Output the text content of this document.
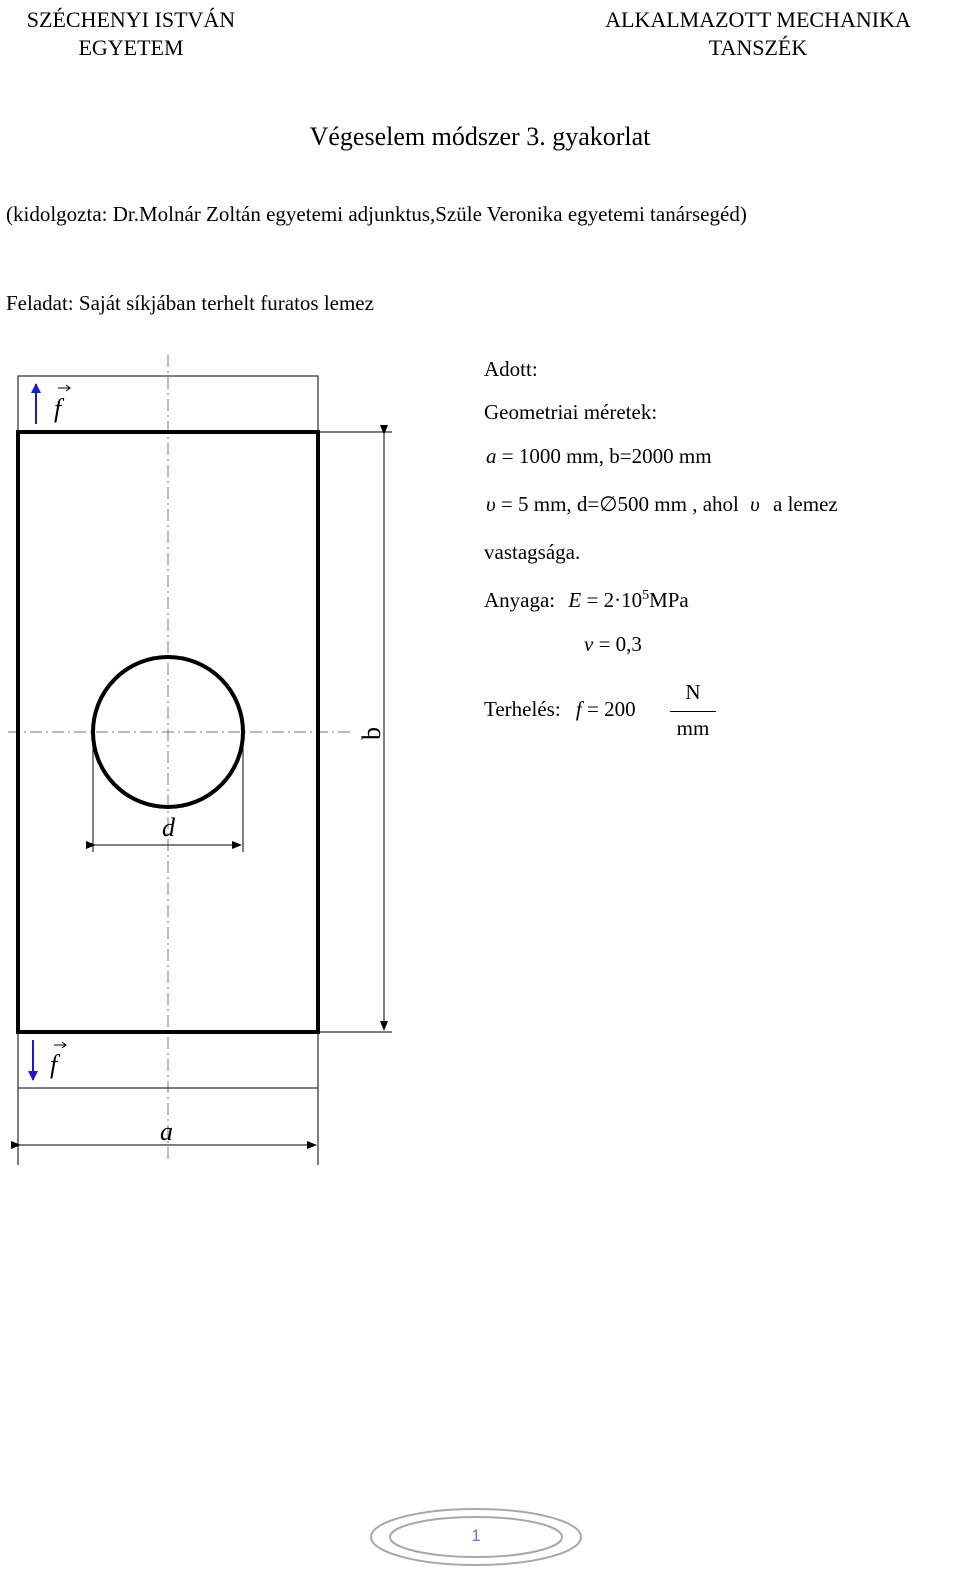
SZÉCHENYI ISTVÁN
EGYETEM
ALKALMAZOTT MECHANIKA
TANSZÉK
Végeselem módszer 3. gyakorlat
(kidolgozta: Dr.Molnár Zoltán egyetemi adjunktus,Szüle Veronika egyetemi tanársegéd)
Feladat: Saját síkjában terhelt furatos lemez
d
b
a
f
f
Adott:
Geometriai méretek:
a = 1000 mm, b=2000 mm
υ = 5 mm, d=∅500 mm , ahol υ a lemez
vastagsága.
Anyaga: $E = 2\cdot 10^5MPa$
ν = 0,3
Terhelés: f = 200
N
mm
1
